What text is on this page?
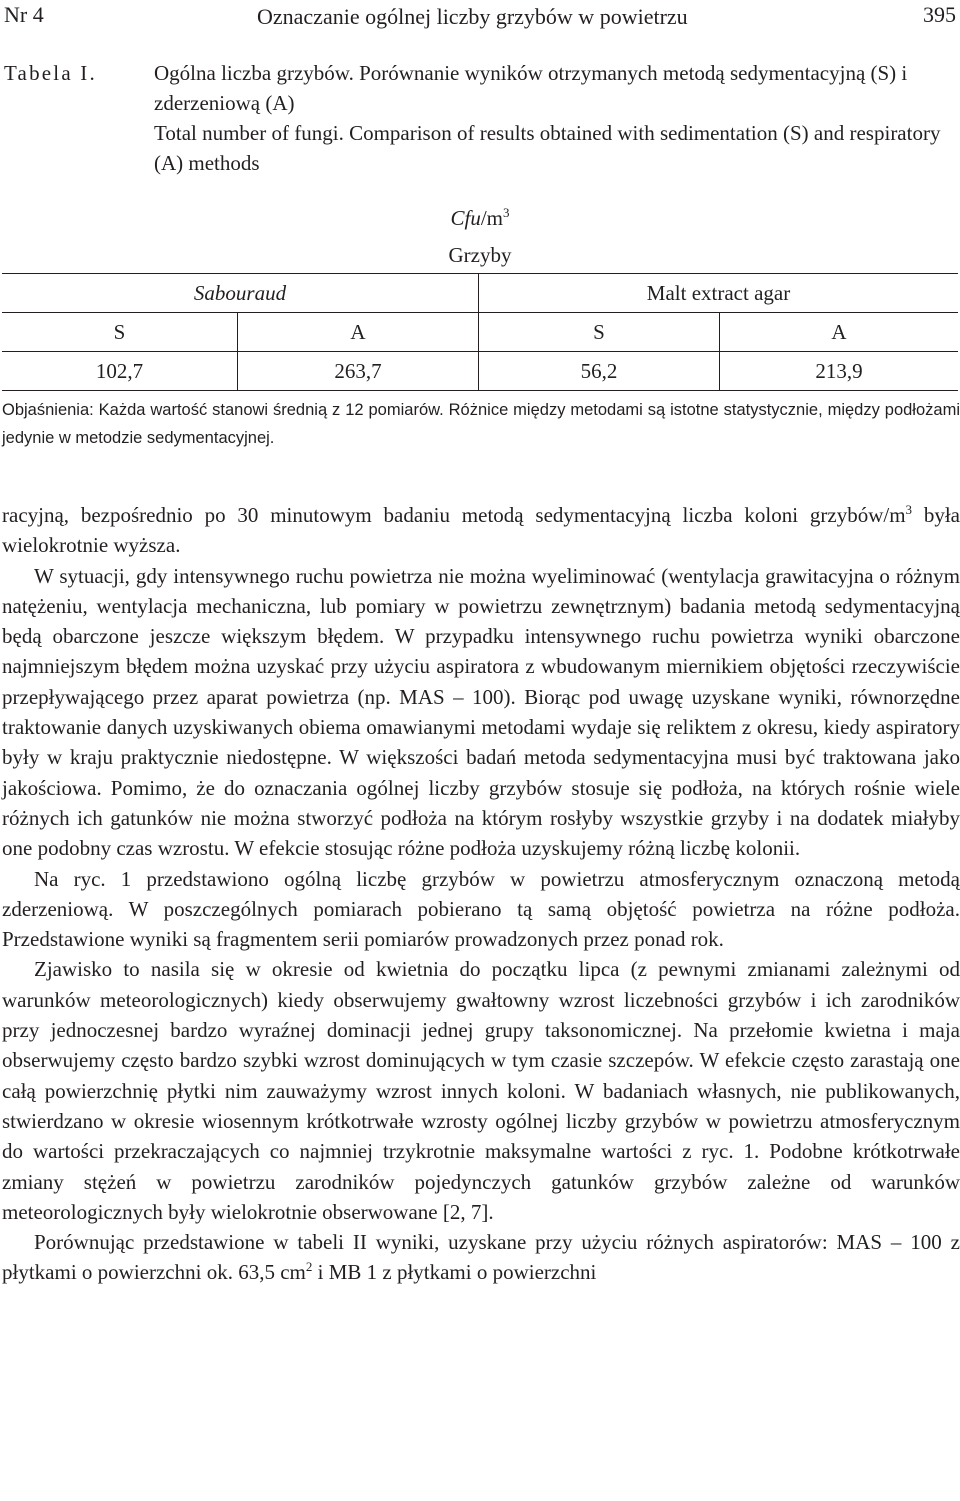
Nr 4	Oznaczanie ogólnej liczby grzybów w powietrzu	395
Tabela I.	Ogólna liczba grzybów. Porównanie wyników otrzymanych metodą sedymentacyjną (S) i zderzeniową (A)
Total number of fungi. Comparison of results obtained with sedimentation (S) and respiratory (A) methods
Cfu/$m^3$
Grzyby			
Sabouraud		Malt extract agar	
S	A	S	A
102,7	263,7	56,2	213,9
Objaśnienia: Każda wartość stanowi średnią z 12 pomiarów. Różnice między metodami są istotne statystycznie, między podłożami jedynie w metodzie sedymentacyjnej.

racyjną, bezpośrednio po 30 minutowym badaniu metodą sedymentacyjną liczba koloni grzybów/$m^3$ była wielokrotnie wyższa.

W sytuacji, gdy intensywnego ruchu powietrza nie można wyeliminować (wentylacja grawitacyjna o różnym natężeniu, wentylacja mechaniczna, lub pomiary w powietrzu zewnętrznym) badania metodą sedymentacyjną będą obarczone jeszcze większym błędem. W przypadku intensywnego ruchu powietrza wyniki obarczone najmniejszym błędem można uzyskać przy użyciu aspiratora z wbudowanym miernikiem objętości rzeczywiście przepływającego przez aparat powietrza (np. MAS – 100). Biorąc pod uwagę uzyskane wyniki, równorzędne traktowanie danych uzyskiwanych obiema omawianymi metodami wydaje się reliktem z okresu, kiedy aspiratory były w kraju praktycznie niedostępne. W większości badań metoda sedymentacyjna musi być traktowana jako jakościowa. Pomimo, że do oznaczania ogólnej liczby grzybów stosuje się podłoża, na których rośnie wiele różnych ich gatunków nie można stworzyć podłoża na którym rosłyby wszystkie grzyby i na dodatek miałyby one podobny czas wzrostu. W efekcie stosując różne podłoża uzyskujemy różną liczbę kolonii.

Na ryc. 1 przedstawiono ogólną liczbę grzybów w powietrzu atmosferycznym oznaczoną metodą zderzeniową. W poszczególnych pomiarach pobierano tą samą objętość powietrza na różne podłoża. Przedstawione wyniki są fragmentem serii pomiarów prowadzonych przez ponad rok.

Zjawisko to nasila się w okresie od kwietnia do początku lipca (z pewnymi zmianami zależnymi od warunków meteorologicznych) kiedy obserwujemy gwałtowny wzrost liczebności grzybów i ich zarodników przy jednoczesnej bardzo wyraźnej dominacji jednej grupy taksonomicznej. Na przełomie kwietna i maja obserwujemy często bardzo szybki wzrost dominujących w tym czasie szczepów. W efekcie często zarastają one całą powierzchnię płytki nim zauważymy wzrost innych koloni. W badaniach własnych, nie publikowanych, stwierdzano w okresie wiosennym krótkotrwałe wzrosty ogólnej liczby grzybów w powietrzu atmosferycznym do wartości przekraczających co najmniej trzykrotnie maksymalne wartości z ryc. 1. Podobne krótkotrwałe zmiany stężeń w powietrzu zarodników pojedynczych gatunków grzybów zależne od warunków meteorologicznych były wielokrotnie obserwowane [2, 7].

Porównując przedstawione w tabeli II wyniki, uzyskane przy użyciu różnych aspiratorów: MAS – 100 z płytkami o powierzchni ok. 63,5 $cm^2$ i MB 1 z płytkami o powierzchni
